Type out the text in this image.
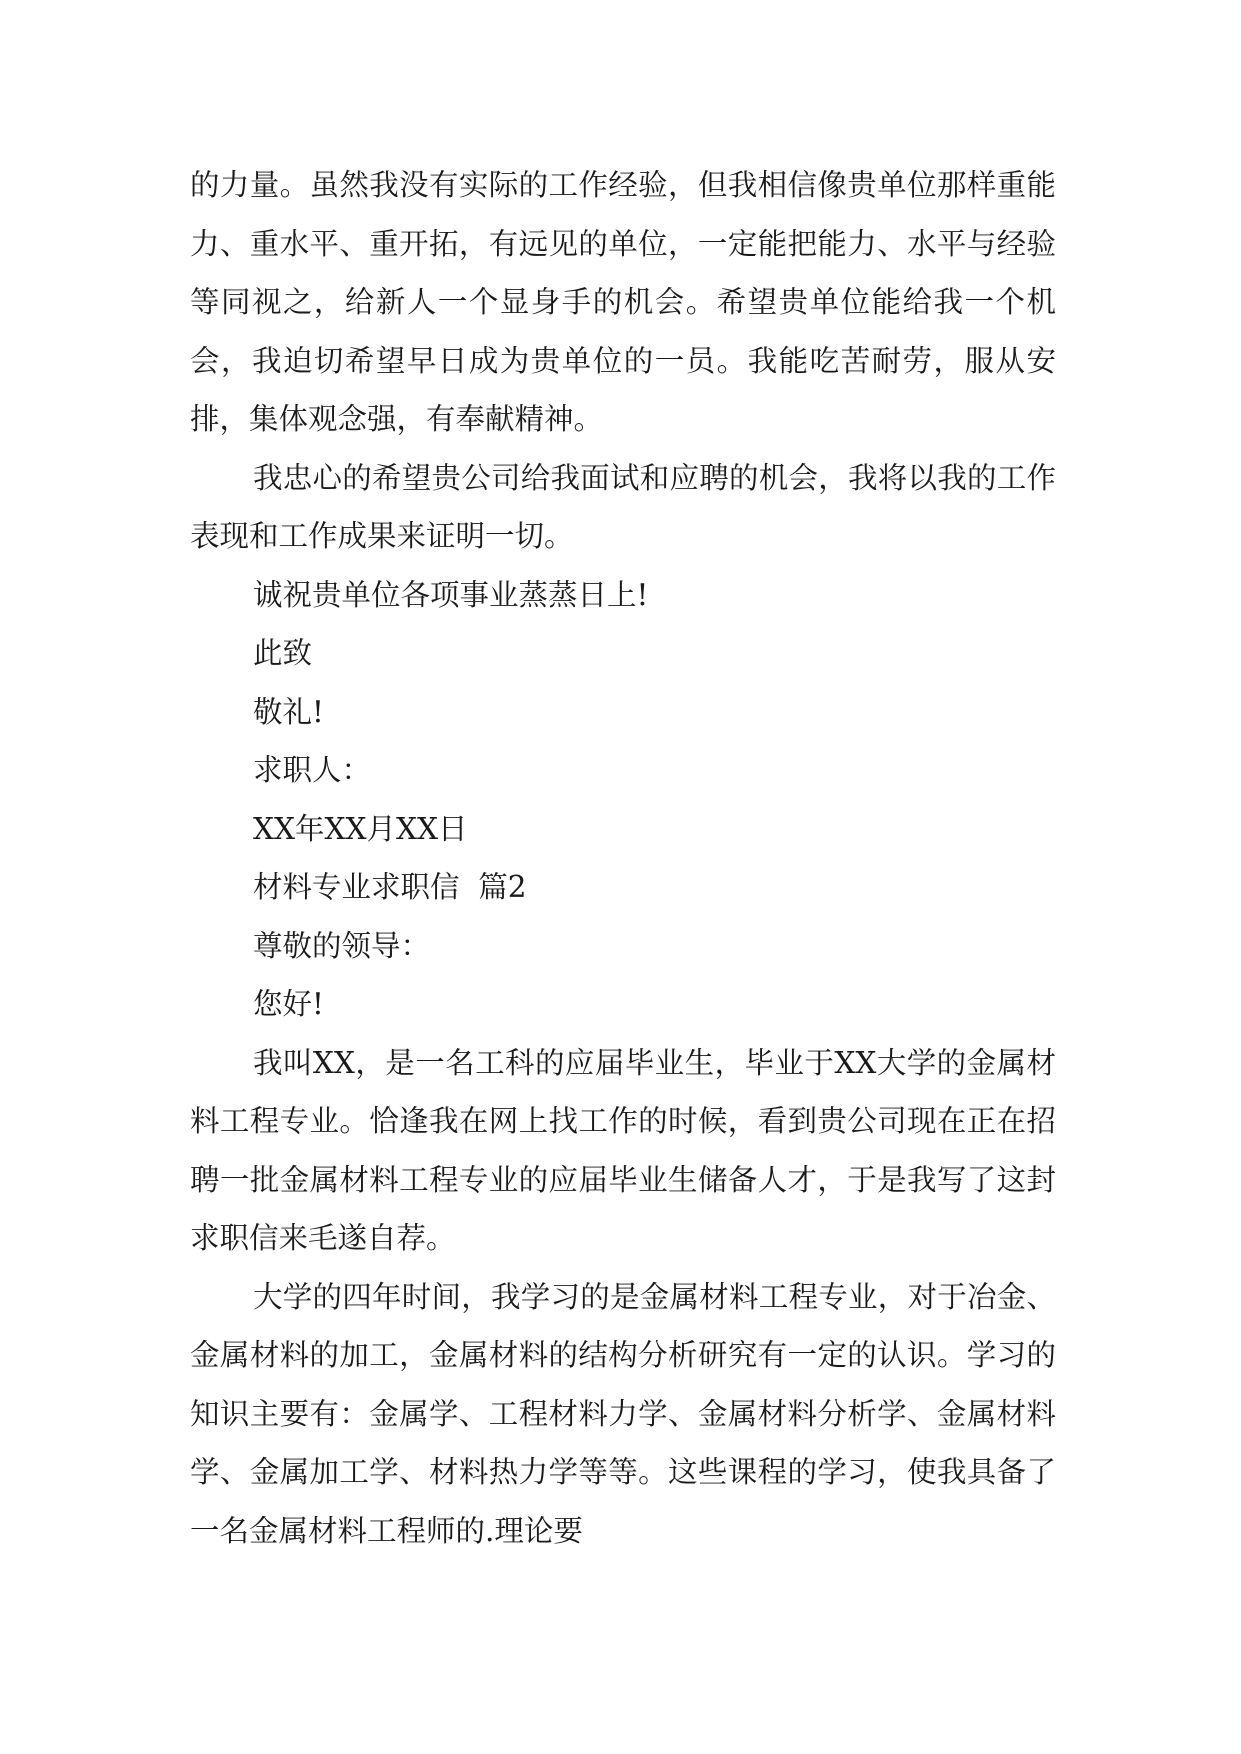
的力量。虽然我没有实际的工作经验，但我相信像贵单位那样重能力、重水平、重开拓，有远见的单位，一定能把能力、水平与经验等同视之，给新人一个显身手的机会。希望贵单位能给我一个机会，我迫切希望早日成为贵单位的一员。我能吃苦耐劳，服从安排，集体观念强，有奉献精神。

我忠心的希望贵公司给我面试和应聘的机会，我将以我的工作表现和工作成果来证明一切。

诚祝贵单位各项事业蒸蒸日上!

此致

敬礼!

求职人：

XX年XX月XX日

材料专业求职信  篇2

尊敬的领导：

您好!

我叫XX，是一名工科的应届毕业生，毕业于XX大学的金属材料工程专业。恰逢我在网上找工作的时候，看到贵公司现在正在招聘一批金属材料工程专业的应届毕业生储备人才，于是我写了这封求职信来毛遂自荐。

大学的四年时间，我学习的是金属材料工程专业，对于冶金、金属材料的加工，金属材料的结构分析研究有一定的认识。学习的知识主要有：金属学、工程材料力学、金属材料分析学、金属材料学、金属加工学、材料热力学等等。这些课程的学习，使我具备了一名金属材料工程师的.理论要
